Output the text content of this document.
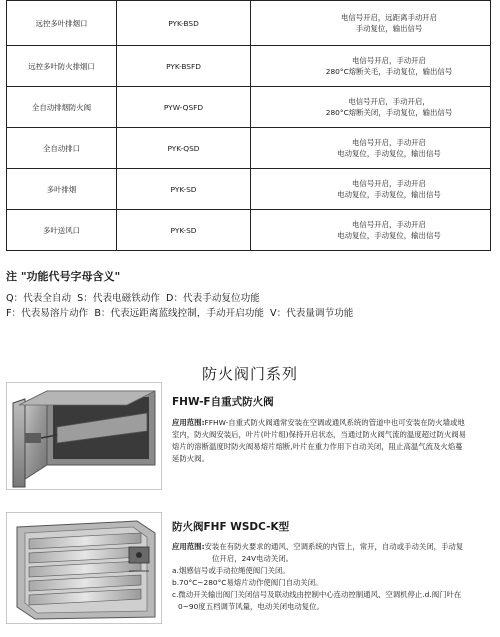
远控多叶排烟口	PYK-BSD	电信号开启，远距离手动开启
手动复位，输出信号

远控多叶防火排烟口	PYK-BSFD	电信号开启，手动开启
280°C熔断关毛，手动复位，输出信号

全自动排烟防火阀	PYW-QSFD	电信号开启，手动开启，
280°C熔断关闭，手动复位，输出信号

全自动排口	PYK-QSD	电信号开启，手动开启
电动复位，手动复位，输出信号

多叶排烟	PYK-SD	电信号开启，手动开启
电动复位，手动复位，输出信号

多叶送风口	PYK-SD	电信号开启，手动开启
电动复位，手动复位，输出信号
注 "功能代号字母含义"
Q：代表全自动 S：代表电磁铁动作 D：代表手动复位功能
F：代表易溶片动作 B：代表远距离蓝线控制，手动开启功能 V：代表量调节功能
防火阀门系列
FHW-F自重式防火阀
应用范围:FFHW-自重式防火阀通常安装在空调或通风系统的管道中也可安装在防火墙或地
室内，防火阀安装后，叶片(叶片组)保持开启状态，当通过防火阀气流的温度超过防火阀易
熔片的溶断温度时防火阀易熔片熔断,叶片在重力作用下自动关闭，阻止高温气流及火焰蔓
延防火阀。
防火阀FHF WSDC-K型
应用范围:安装在有防火要求的通风、空调系统的内管上，常开，自动或手动关闭，手动复
位开启，24V电动关闭。
a.烟感信号或手动拉绳使阀门关闭。
b.70°C~280°C易熔片动作使阀门自动关闭。
c.微动开关输出阀门关闭信号及联动线由控制中心连动控制通风、空调机停止.d.阀门叶在
0~90度五档调节风量，电动关闭电动复位。
